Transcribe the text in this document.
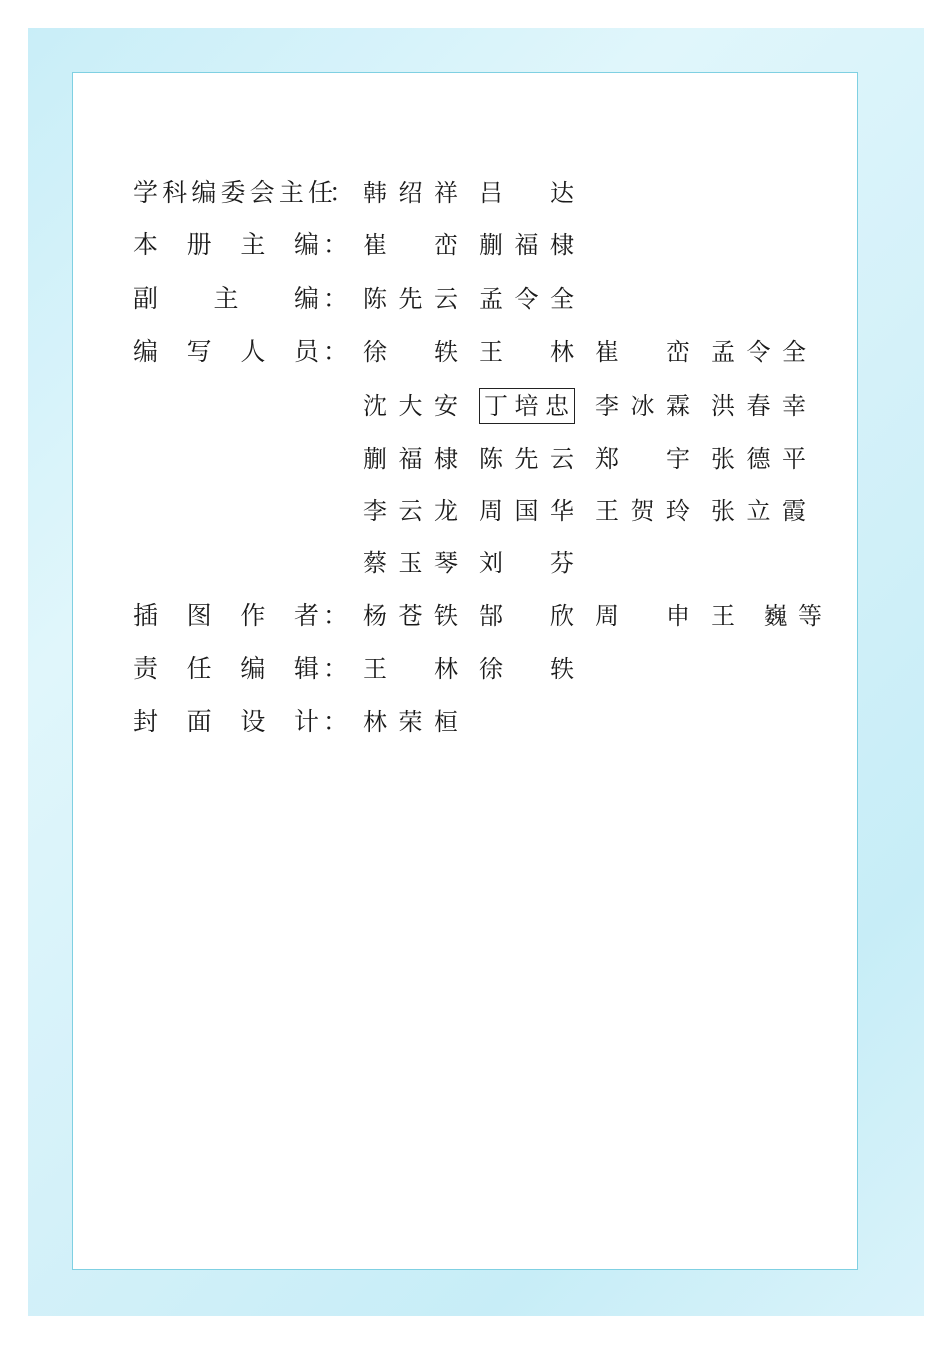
学科编委会主任
： 韩绍祥 吕 达
本册主编 ： 崔 峦 蒯福棣
副主编 ： 陈先云 孟令全
编写人员 ： 徐 轶 王 林 崔 峦 孟令全
沈大安 丁培忠 李冰霖 洪春幸
蒯福棣 陈先云 郑 宇 张德平
李云龙 周国华 王贺玲 张立霞
蔡玉琴 刘 芬
插图作者 ： 杨苍铁 郜 欣 周 申 王 巍等
责任编辑 ： 王 林 徐 轶
封面设计 ： 林荣桓
